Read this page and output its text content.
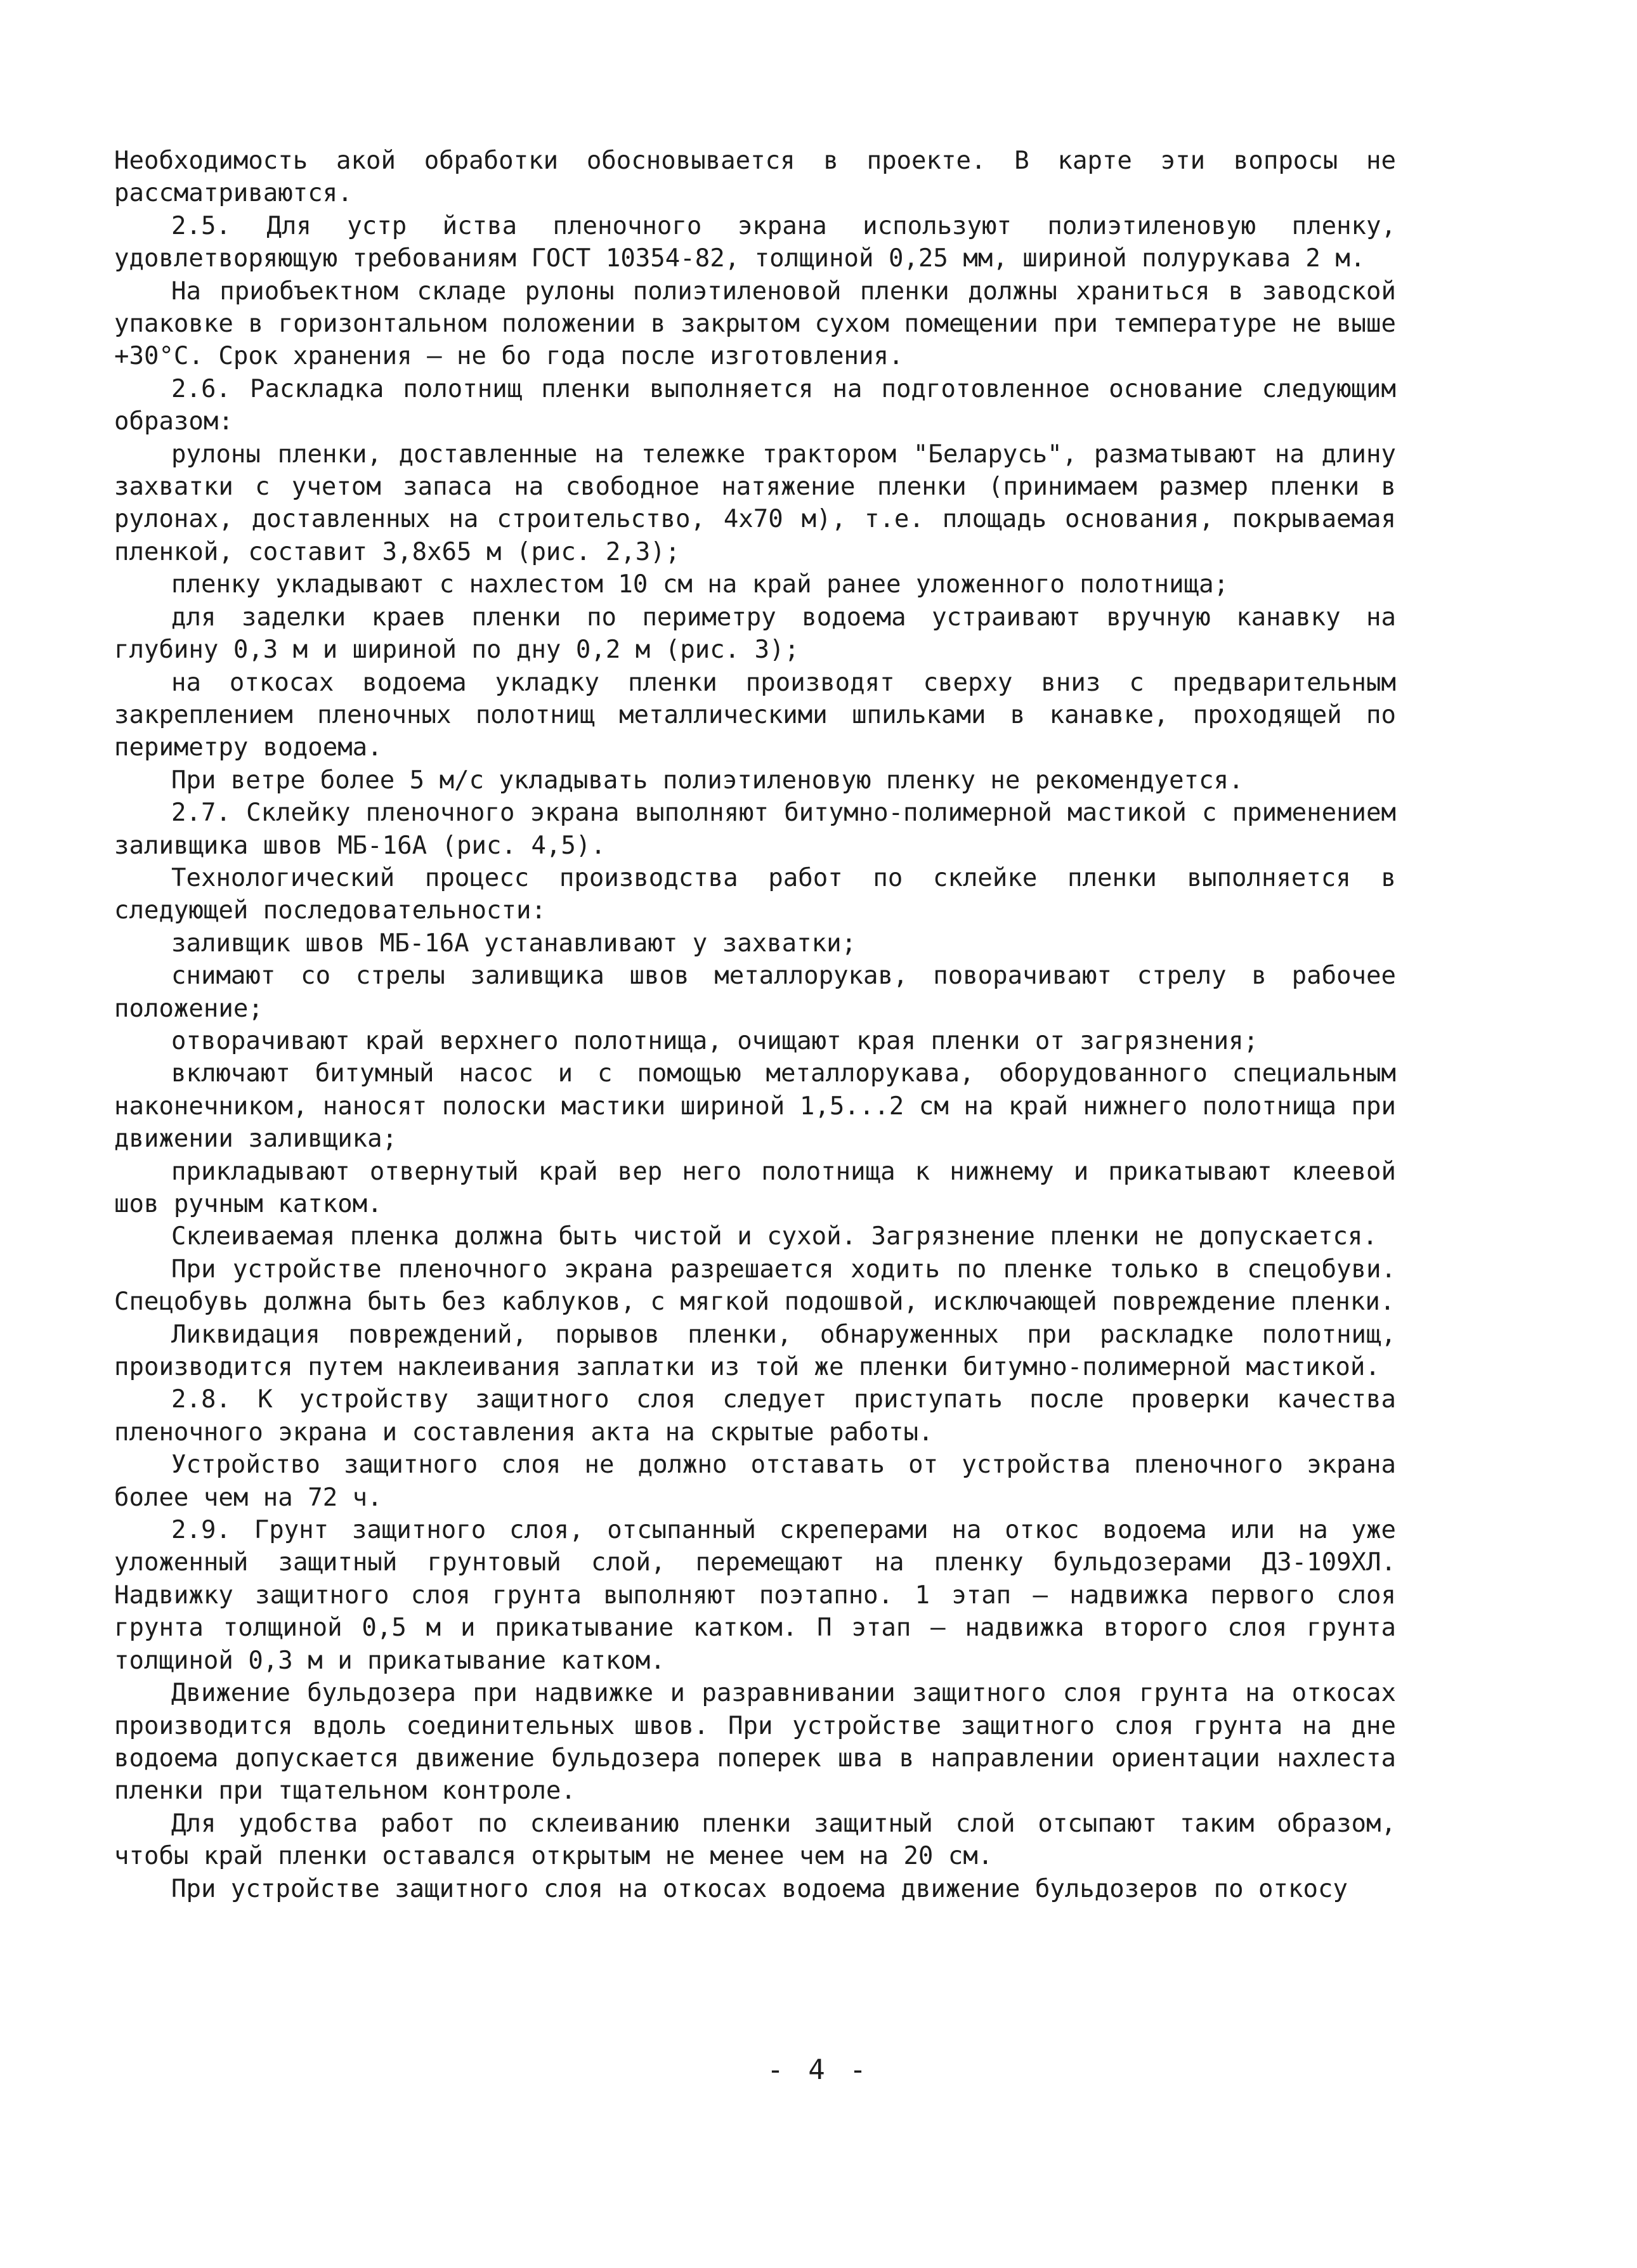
Необходимость акой обработки обосновывается в проекте. В карте эти вопросы не рассматриваются.

2.5. Для устр йства пленочного экрана используют полиэтиленовую пленку, удовлетворяющую требованиям ГОСТ 10354-82, толщиной 0,25 мм, шириной полурукава 2 м.

На приобъектном складе рулоны полиэтиленовой пленки должны храниться в заводской упаковке в горизонтальном положении в закрытом сухом помещении при температуре не выше +30°С. Срок хранения – не бо года после изготовления.

2.6. Раскладка полотнищ пленки выполняется на подготовленное основание следующим образом:

рулоны пленки, доставленные на тележке трактором "Беларусь", разматывают на длину захватки с учетом запаса на свободное натяжение пленки (принимаем размер пленки в рулонах, доставленных на строительство, 4х70 м), т.е. площадь основания, покрываемая пленкой, составит 3,8х65 м (рис. 2,3);

пленку укладывают с нахлестом 10 см на край ранее уложенного полотнища;

для заделки краев пленки по периметру водоема устраивают вручную канавку на глубину 0,3 м и шириной по дну 0,2 м (рис. 3);

на откосах водоема укладку пленки производят сверху вниз с предварительным закреплением пленочных полотнищ металлическими шпильками в канавке, проходящей по периметру водоема.

При ветре более 5 м/с укладывать полиэтиленовую пленку не рекомендуется.

2.7. Склейку пленочного экрана выполняют битумно-полимерной мастикой с применением заливщика швов МБ-16А (рис. 4,5).

Технологический процесс производства работ по склейке пленки выполняется в следующей последовательности:

заливщик швов МБ-16А устанавливают у захватки;

снимают со стрелы заливщика швов металлорукав, поворачивают стрелу в рабочее положение;

отворачивают край верхнего полотнища, очищают края пленки от загрязнения;

включают битумный насос и с помощью металлорукава, оборудованного специальным наконечником, наносят полоски мастики шириной 1,5...2 см на край нижнего полотнища при движении заливщика;

прикладывают отвернутый край вер него полотнища к нижнему и прикатывают клеевой шов ручным катком.

Склеиваемая пленка должна быть чистой и сухой. Загрязнение пленки не допускается.

При устройстве пленочного экрана разрешается ходить по пленке только в спецобуви. Спецобувь должна быть без каблуков, с мягкой подошвой, исключающей повреждение пленки.

Ликвидация повреждений, порывов пленки, обнаруженных при раскладке полотнищ, производится путем наклеивания заплатки из той же пленки битумно-полимерной мастикой.

2.8. К устройству защитного слоя следует приступать после проверки качества пленочного экрана и составления акта на скрытые работы.

Устройство защитного слоя не должно отставать от устройства пленочного экрана более чем на 72 ч.

2.9. Грунт защитного слоя, отсыпанный скреперами на откос водоема или на уже уложенный защитный грунтовый слой, перемещают на пленку бульдозерами ДЗ-109ХЛ. Надвижку защитного слоя грунта выполняют поэтапно. 1 этап – надвижка первого слоя грунта толщиной 0,5 м и прикатывание катком. П этап – надвижка второго слоя грунта толщиной 0,3 м и прикатывание катком.

Движение бульдозера при надвижке и разравнивании защитного слоя грунта на откосах производится вдоль соединительных швов. При устройстве защитного слоя грунта на дне водоема допускается движение бульдозера поперек шва в направлении ориентации нахлеста пленки при тщательном контроле.

Для удобства работ по склеиванию пленки защитный слой отсыпают таким образом, чтобы край пленки оставался открытым не менее чем на 20 см.

При устройстве защитного слоя на откосах водоема движение бульдозеров по откосу

- 4 -
